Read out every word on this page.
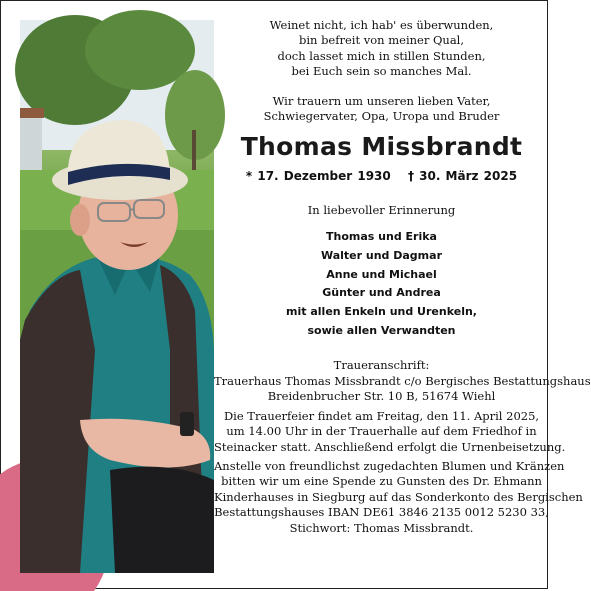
Weinet nicht, ich hab' es überwunden,
bin befreit von meiner Qual,
doch lasset mich in stillen Stunden,
bei Euch sein so manches Mal.
Wir trauern um unseren lieben Vater,
Schwiegervater, Opa, Uropa und Bruder
Thomas Missbrandt
* 17. Dezember 1930 † 30. März 2025
In liebevoller Erinnerung
Thomas und Erika
Walter und Dagmar
Anne und Michael
Günter und Andrea
mit allen Enkeln und Urenkeln,
sowie allen Verwandten
Traueranschrift:
Trauerhaus Thomas Missbrandt c/o Bergisches Bestattungshaus
Breidenbrucher Str. 10 B, 51674 Wiehl
Die Trauerfeier findet am Freitag, den 11. April 2025,
um 14.00 Uhr in der Trauerhalle auf dem Friedhof in
Steinacker statt. Anschließend erfolgt die Urnenbeisetzung.
Anstelle von freundlichst zugedachten Blumen und Kränzen
bitten wir um eine Spende zu Gunsten des Dr. Ehmann
Kinderhauses in Siegburg auf das Sonderkonto des Bergischen
Bestattungshauses IBAN DE61 3846 2135 0012 5230 33,
Stichwort: Thomas Missbrandt.
